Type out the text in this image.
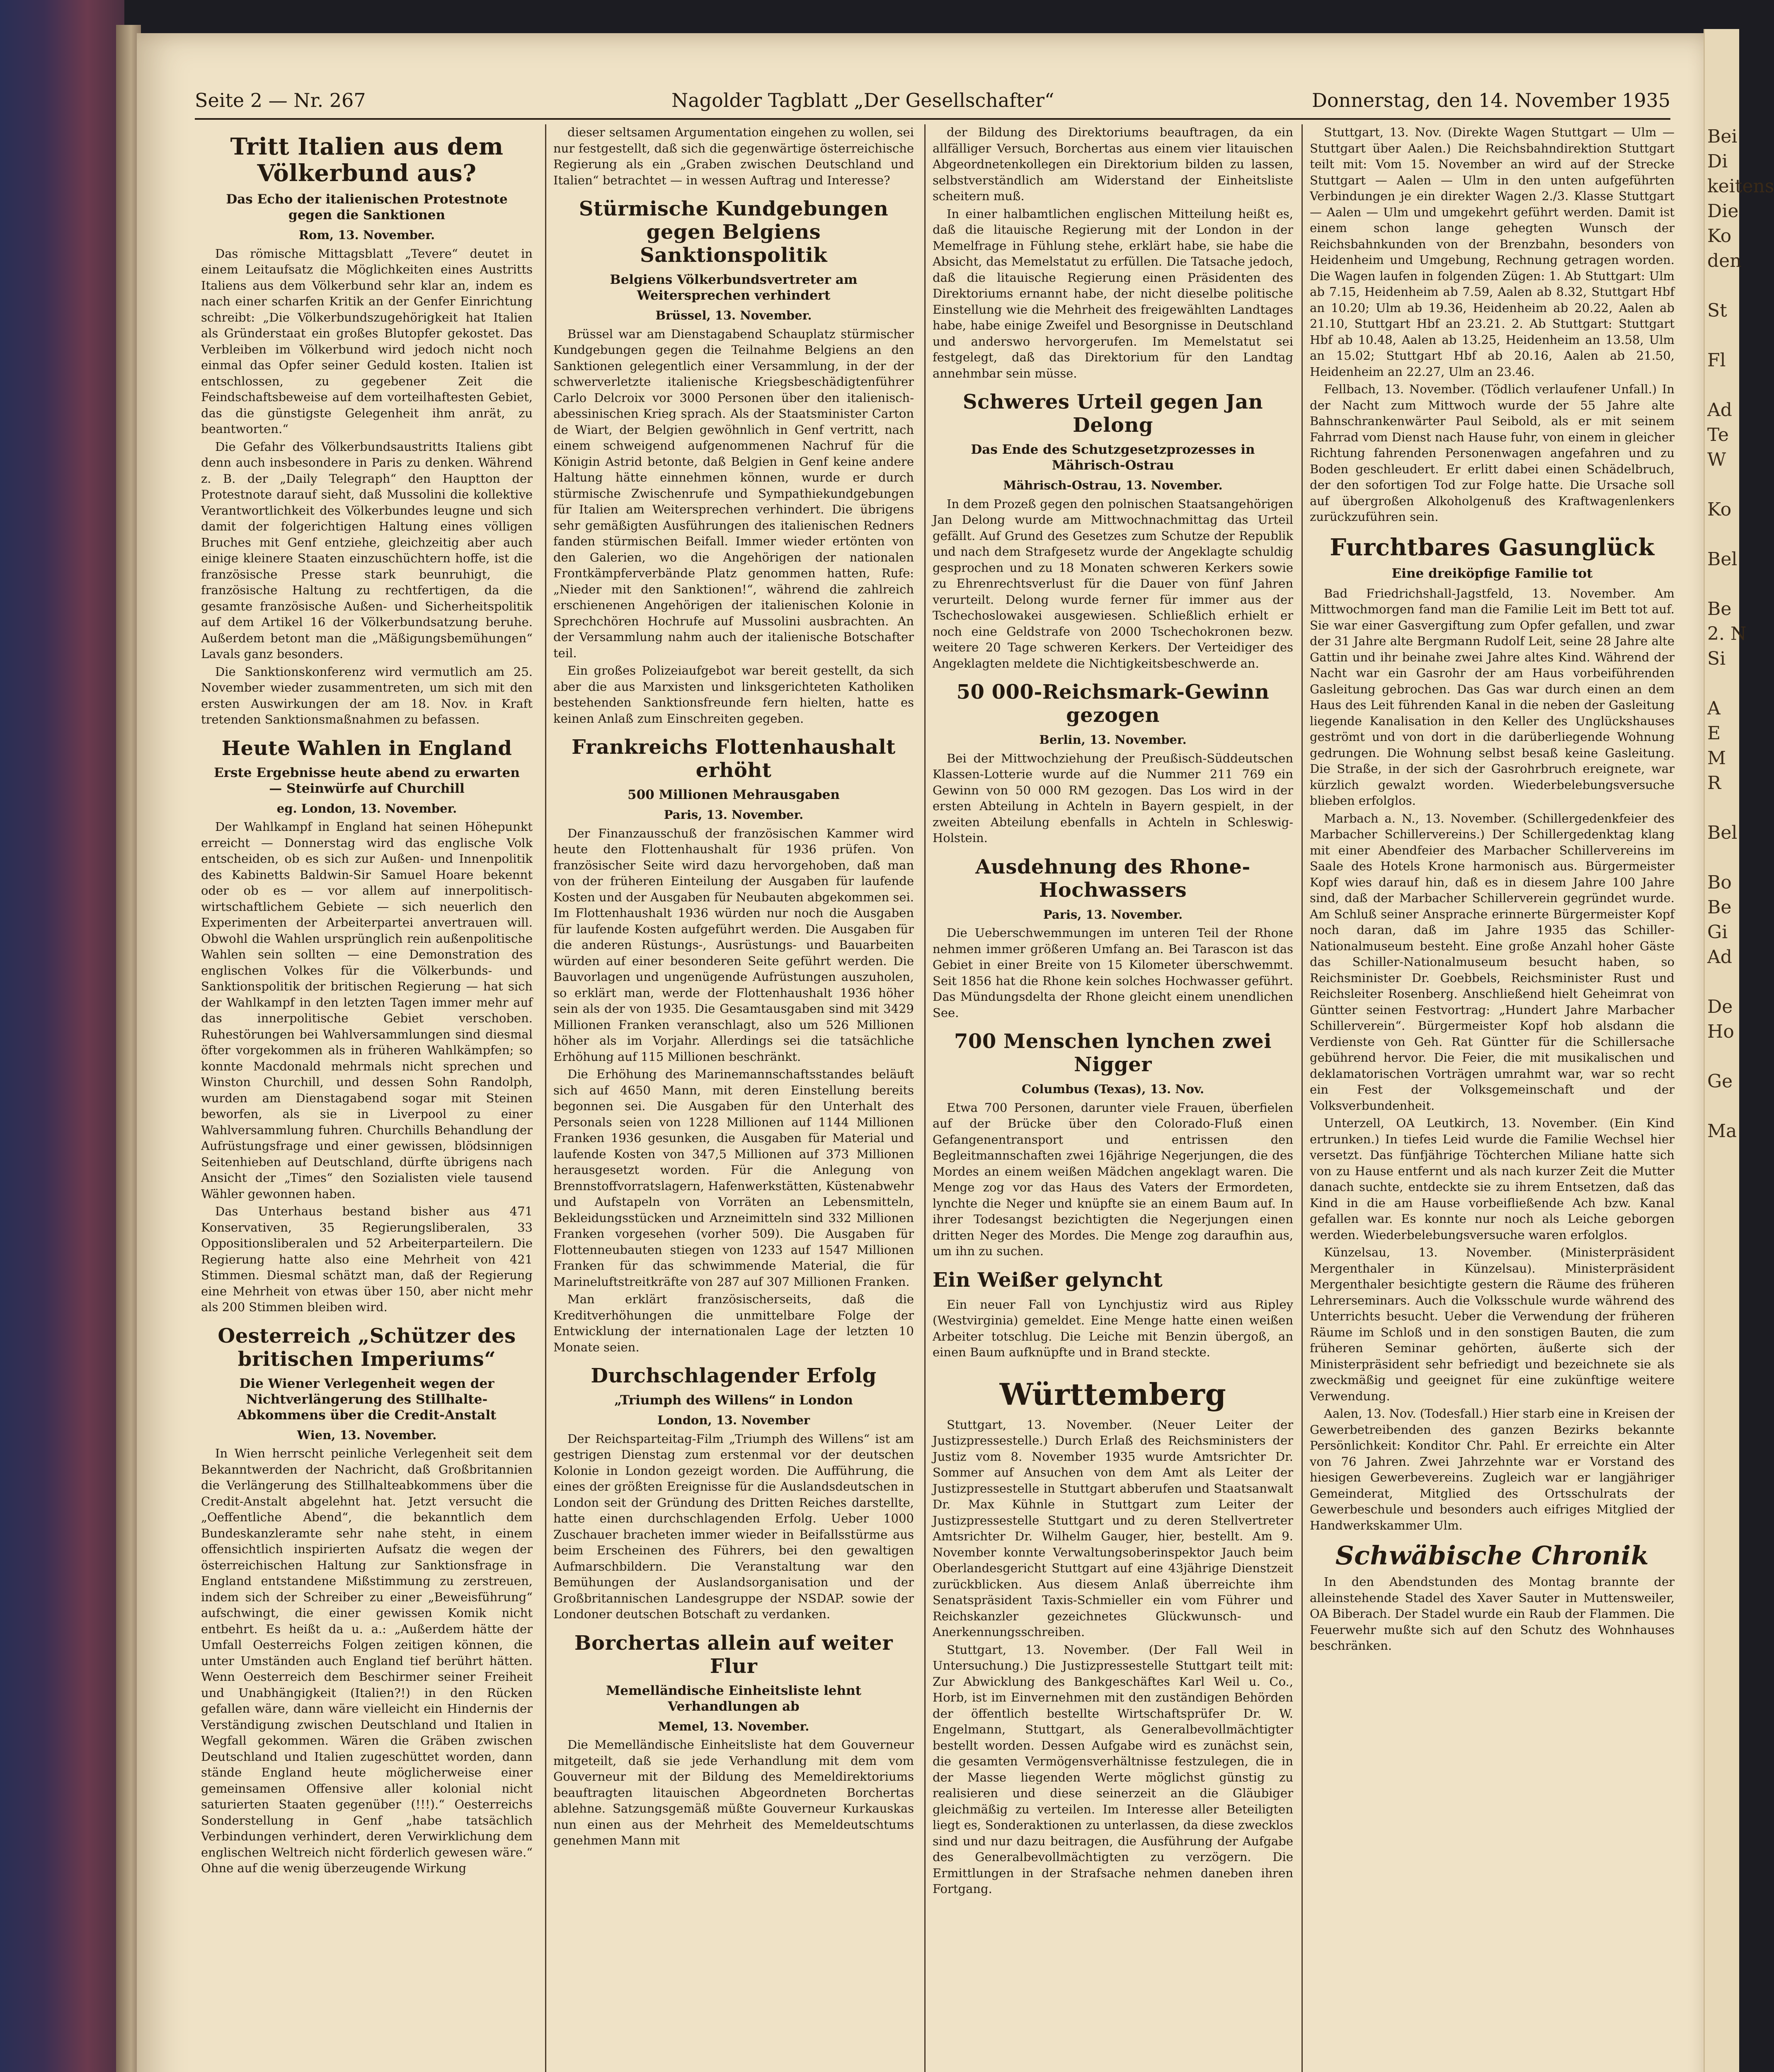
Bei
Di
keitens
Die
Ko
den

St

Fl

Ad
Te
W

Ko

Bel

Be
2. N
Si

A
E
M
R

Bel

Bo
Be
Gi
Ad

De
Ho

Ge

Ma
Seite 2 — Nr. 267	Nagolder Tagblatt „Der Gesellschafter“	Donnerstag, den 14. November 1935
Tritt Italien aus dem Völkerbund aus?
Das Echo der italienischen Protestnote gegen die Sanktionen

Rom, 13. November.

Das römische Mittagsblatt „Tevere“ deutet in einem Leitaufsatz die Möglichkeiten eines Austritts Italiens aus dem Völkerbund sehr klar an, indem es nach einer scharfen Kritik an der Genfer Einrichtung schreibt: „Die Völkerbundszugehörigkeit hat Italien als Gründerstaat ein großes Blutopfer gekostet. Das Verbleiben im Völkerbund wird jedoch nicht noch einmal das Opfer seiner Geduld kosten. Italien ist entschlossen, zu gegebener Zeit die Feindschaftsbeweise auf dem vorteilhaftesten Gebiet, das die günstigste Gelegenheit ihm anrät, zu beantworten.“

Die Gefahr des Völkerbundsaustritts Italiens gibt denn auch insbesondere in Paris zu denken. Während z. B. der „Daily Telegraph“ den Hauptton der Protestnote darauf sieht, daß Mussolini die kollektive Verantwortlichkeit des Völkerbundes leugne und sich damit der folgerichtigen Haltung eines völligen Bruches mit Genf entziehe, gleichzeitig aber auch einige kleinere Staaten einzuschüchtern hoffe, ist die französische Presse stark beunruhigt, die französische Haltung zu rechtfertigen, da die gesamte französische Außen- und Sicherheitspolitik auf dem Artikel 16 der Völkerbundsatzung beruhe. Außerdem betont man die „Mäßigungsbemühungen“ Lavals ganz besonders.

Die Sanktionskonferenz wird vermutlich am 25. November wieder zusammentreten, um sich mit den ersten Auswirkungen der am 18. Nov. in Kraft tretenden Sanktionsmaßnahmen zu befassen.

Heute Wahlen in England
Erste Ergebnisse heute abend zu erwarten — Steinwürfe auf Churchill

eg. London, 13. November.

Der Wahlkampf in England hat seinen Höhepunkt erreicht — Donnerstag wird das englische Volk entscheiden, ob es sich zur Außen- und Innenpolitik des Kabinetts Baldwin-Sir Samuel Hoare bekennt oder ob es — vor allem auf innerpolitisch-wirtschaftlichem Gebiete — sich neuerlich den Experimenten der Arbeiterpartei anvertrauen will. Obwohl die Wahlen ursprünglich rein außenpolitische Wahlen sein sollten — eine Demonstration des englischen Volkes für die Völkerbunds- und Sanktionspolitik der britischen Regierung — hat sich der Wahlkampf in den letzten Tagen immer mehr auf das innerpolitische Gebiet verschoben. Ruhestörungen bei Wahlversammlungen sind diesmal öfter vorgekommen als in früheren Wahlkämpfen; so konnte Macdonald mehrmals nicht sprechen und Winston Churchill, und dessen Sohn Randolph, wurden am Dienstagabend sogar mit Steinen beworfen, als sie in Liverpool zu einer Wahlversammlung fuhren. Churchills Behandlung der Aufrüstungsfrage und einer gewissen, blödsinnigen Seitenhieben auf Deutschland, dürfte übrigens nach Ansicht der „Times“ den Sozialisten viele tausend Wähler gewonnen haben.

Das Unterhaus bestand bisher aus 471 Konservativen, 35 Regierungsliberalen, 33 Oppositionsliberalen und 52 Arbeiterparteilern. Die Regierung hatte also eine Mehrheit von 421 Stimmen. Diesmal schätzt man, daß der Regierung eine Mehrheit von etwas über 150, aber nicht mehr als 200 Stimmen bleiben wird.

Oesterreich „Schützer des britischen Imperiums“
Die Wiener Verlegenheit wegen der Nichtverlängerung des Stillhalte-Abkommens über die Credit-Anstalt

Wien, 13. November.

In Wien herrscht peinliche Verlegenheit seit dem Bekanntwerden der Nachricht, daß Großbritannien die Verlängerung des Stillhalteabkommens über die Credit-Anstalt abgelehnt hat. Jetzt versucht die „Oeffentliche Abend“, die bekanntlich dem Bundeskanzleramte sehr nahe steht, in einem offensichtlich inspirierten Aufsatz die wegen der österreichischen Haltung zur Sanktionsfrage in England entstandene Mißstimmung zu zerstreuen, indem sich der Schreiber zu einer „Beweisführung“ aufschwingt, die einer gewissen Komik nicht entbehrt. Es heißt da u. a.: „Außerdem hätte der Umfall Oesterreichs Folgen zeitigen können, die unter Umständen auch England tief berührt hätten. Wenn Oesterreich dem Beschirmer seiner Freiheit und Unabhängigkeit (Italien?!) in den Rücken gefallen wäre, dann wäre vielleicht ein Hindernis der Verständigung zwischen Deutschland und Italien in Wegfall gekommen. Wären die Gräben zwischen Deutschland und Italien zugeschüttet worden, dann stände England heute möglicherweise einer gemeinsamen Offensive aller kolonial nicht saturierten Staaten gegenüber (!!!).“ Oesterreichs Sonderstellung in Genf „habe tatsächlich Verbindungen verhindert, deren Verwirklichung dem englischen Weltreich nicht förderlich gewesen wäre.“ Ohne auf die wenig überzeugende Wirkung

dieser seltsamen Argumentation eingehen zu wollen, sei nur festgestellt, daß sich die gegenwärtige österreichische Regierung als ein „Graben zwischen Deutschland und Italien“ betrachtet — in wessen Auftrag und Interesse?

Stürmische Kundgebungen gegen Belgiens Sanktionspolitik
Belgiens Völkerbundsvertreter am Weitersprechen verhindert

Brüssel, 13. November.

Brüssel war am Dienstagabend Schauplatz stürmischer Kundgebungen gegen die Teilnahme Belgiens an den Sanktionen gelegentlich einer Versammlung, in der der schwerverletzte italienische Kriegsbeschädigtenführer Carlo Delcroix vor 3000 Personen über den italienisch-abessinischen Krieg sprach. Als der Staatsminister Carton de Wiart, der Belgien gewöhnlich in Genf vertritt, nach einem schweigend aufgenommenen Nachruf für die Königin Astrid betonte, daß Belgien in Genf keine andere Haltung hätte einnehmen können, wurde er durch stürmische Zwischenrufe und Sympathiekundgebungen für Italien am Weitersprechen verhindert. Die übrigens sehr gemäßigten Ausführungen des italienischen Redners fanden stürmischen Beifall. Immer wieder ertönten von den Galerien, wo die Angehörigen der nationalen Frontkämpferverbände Platz genommen hatten, Rufe: „Nieder mit den Sanktionen!“, während die zahlreich erschienenen Angehörigen der italienischen Kolonie in Sprechchören Hochrufe auf Mussolini ausbrachten. An der Versammlung nahm auch der italienische Botschafter teil.

Ein großes Polizeiaufgebot war bereit gestellt, da sich aber die aus Marxisten und linksgerichteten Katholiken bestehenden Sanktionsfreunde fern hielten, hatte es keinen Anlaß zum Einschreiten gegeben.

Frankreichs Flottenhaushalt erhöht
500 Millionen Mehrausgaben

Paris, 13. November.

Der Finanzausschuß der französischen Kammer wird heute den Flottenhaushalt für 1936 prüfen. Von französischer Seite wird dazu hervorgehoben, daß man von der früheren Einteilung der Ausgaben für laufende Kosten und der Ausgaben für Neubauten abgekommen sei. Im Flottenhaushalt 1936 würden nur noch die Ausgaben für laufende Kosten aufgeführt werden. Die Ausgaben für die anderen Rüstungs-, Ausrüstungs- und Bauarbeiten würden auf einer besonderen Seite geführt werden. Die Bauvorlagen und ungenügende Aufrüstungen auszuholen, so erklärt man, werde der Flottenhaushalt 1936 höher sein als der von 1935. Die Gesamtausgaben sind mit 3429 Millionen Franken veranschlagt, also um 526 Millionen höher als im Vorjahr. Allerdings sei die tatsächliche Erhöhung auf 115 Millionen beschränkt.

Die Erhöhung des Marinemannschaftsstandes beläuft sich auf 4650 Mann, mit deren Einstellung bereits begonnen sei. Die Ausgaben für den Unterhalt des Personals seien von 1228 Millionen auf 1144 Millionen Franken 1936 gesunken, die Ausgaben für Material und laufende Kosten von 347,5 Millionen auf 373 Millionen herausgesetzt worden. Für die Anlegung von Brennstoffvorratslagern, Hafenwerkstätten, Küstenabwehr und Aufstapeln von Vorräten an Lebensmitteln, Bekleidungsstücken und Arzneimitteln sind 332 Millionen Franken vorgesehen (vorher 509). Die Ausgaben für Flottenneubauten stiegen von 1233 auf 1547 Millionen Franken für das schwimmende Material, die für Marineluftstreitkräfte von 287 auf 307 Millionen Franken.

Man erklärt französischerseits, daß die Kreditverhöhungen die unmittelbare Folge der Entwicklung der internationalen Lage der letzten 10 Monate seien.

Durchschlagender Erfolg
„Triumph des Willens“ in London

London, 13. November

Der Reichsparteitag-Film „Triumph des Willens“ ist am gestrigen Dienstag zum erstenmal vor der deutschen Kolonie in London gezeigt worden. Die Aufführung, die eines der größten Ereignisse für die Auslandsdeutschen in London seit der Gründung des Dritten Reiches darstellte, hatte einen durchschlagenden Erfolg. Ueber 1000 Zuschauer bracheten immer wieder in Beifallsstürme aus beim Erscheinen des Führers, bei den gewaltigen Aufmarschbildern. Die Veranstaltung war den Bemühungen der Auslandsorganisation und der Großbritannischen Landesgruppe der NSDAP. sowie der Londoner deutschen Botschaft zu verdanken.

Borchertas allein auf weiter Flur
Memelländische Einheitsliste lehnt Verhandlungen ab

Memel, 13. November.

Die Memelländische Einheitsliste hat dem Gouverneur mitgeteilt, daß sie jede Verhandlung mit dem vom Gouverneur mit der Bildung des Memeldirektoriums beauftragten litauischen Abgeordneten Borchertas ablehne. Satzungsgemäß müßte Gouverneur Kurkauskas nun einen aus der Mehrheit des Memeldeutschtums genehmen Mann mit

der Bildung des Direktoriums beauftragen, da ein allfälliger Versuch, Borchertas aus einem vier litauischen Abgeordnetenkollegen ein Direktorium bilden zu lassen, selbstverständlich am Widerstand der Einheitsliste scheitern muß.

In einer halbamtlichen englischen Mitteilung heißt es, daß die litauische Regierung mit der London in der Memelfrage in Fühlung stehe, erklärt habe, sie habe die Absicht, das Memelstatut zu erfüllen. Die Tatsache jedoch, daß die litauische Regierung einen Präsidenten des Direktoriums ernannt habe, der nicht dieselbe politische Einstellung wie die Mehrheit des freigewählten Landtages habe, habe einige Zweifel und Besorgnisse in Deutschland und anderswo hervorgerufen. Im Memelstatut sei festgelegt, daß das Direktorium für den Landtag annehmbar sein müsse.

Schweres Urteil gegen Jan Delong
Das Ende des Schutzgesetzprozesses in Mährisch-Ostrau

Mährisch-Ostrau, 13. November.

In dem Prozeß gegen den polnischen Staatsangehörigen Jan Delong wurde am Mittwochnachmittag das Urteil gefällt. Auf Grund des Gesetzes zum Schutze der Republik und nach dem Strafgesetz wurde der Angeklagte schuldig gesprochen und zu 18 Monaten schweren Kerkers sowie zu Ehrenrechtsverlust für die Dauer von fünf Jahren verurteilt. Delong wurde ferner für immer aus der Tschechoslowakei ausgewiesen. Schließlich erhielt er noch eine Geldstrafe von 2000 Tschechokronen bezw. weitere 20 Tage schweren Kerkers. Der Verteidiger des Angeklagten meldete die Nichtigkeitsbeschwerde an.

50 000-Reichsmark-Gewinn gezogen

Berlin, 13. November.

Bei der Mittwochziehung der Preußisch-Süddeutschen Klassen-Lotterie wurde auf die Nummer 211 769 ein Gewinn von 50 000 RM gezogen. Das Los wird in der ersten Abteilung in Achteln in Bayern gespielt, in der zweiten Abteilung ebenfalls in Achteln in Schleswig-Holstein.

Ausdehnung des Rhone-Hochwassers

Paris, 13. November.

Die Ueberschwemmungen im unteren Teil der Rhone nehmen immer größeren Umfang an. Bei Tarascon ist das Gebiet in einer Breite von 15 Kilometer überschwemmt. Seit 1856 hat die Rhone kein solches Hochwasser geführt. Das Mündungsdelta der Rhone gleicht einem unendlichen See.

700 Menschen lynchen zwei Nigger

Columbus (Texas), 13. Nov.

Etwa 700 Personen, darunter viele Frauen, überfielen auf der Brücke über den Colorado-Fluß einen Gefangenentransport und entrissen den Begleitmannschaften zwei 16jährige Negerjungen, die des Mordes an einem weißen Mädchen angeklagt waren. Die Menge zog vor das Haus des Vaters der Ermordeten, lynchte die Neger und knüpfte sie an einem Baum auf. In ihrer Todesangst bezichtigten die Negerjungen einen dritten Neger des Mordes. Die Menge zog daraufhin aus, um ihn zu suchen.

Ein Weißer gelyncht

Ein neuer Fall von Lynchjustiz wird aus Ripley (Westvirginia) gemeldet. Eine Menge hatte einen weißen Arbeiter totschlug. Die Leiche mit Benzin übergoß, an einen Baum aufknüpfte und in Brand steckte.

Württemberg

Stuttgart, 13. November. (Neuer Leiter der Justizpressestelle.) Durch Erlaß des Reichsministers der Justiz vom 8. November 1935 wurde Amtsrichter Dr. Sommer auf Ansuchen von dem Amt als Leiter der Justizpressestelle in Stuttgart abberufen und Staatsanwalt Dr. Max Kühnle in Stuttgart zum Leiter der Justizpressestelle Stuttgart und zu deren Stellvertreter Amtsrichter Dr. Wilhelm Gauger, hier, bestellt. Am 9. November konnte Verwaltungsoberinspektor Jauch beim Oberlandesgericht Stuttgart auf eine 43jährige Dienstzeit zurückblicken. Aus diesem Anlaß überreichte ihm Senatspräsident Taxis-Schmieller ein vom Führer und Reichskanzler gezeichnetes Glückwunsch- und Anerkennungsschreiben.

Stuttgart, 13. November. (Der Fall Weil in Untersuchung.) Die Justizpressestelle Stuttgart teilt mit: Zur Abwicklung des Bankgeschäftes Karl Weil u. Co., Horb, ist im Einvernehmen mit den zuständigen Behörden der öffentlich bestellte Wirtschaftsprüfer Dr. W. Engelmann, Stuttgart, als Generalbevollmächtigter bestellt worden. Dessen Aufgabe wird es zunächst sein, die gesamten Vermögensverhältnisse festzulegen, die in der Masse liegenden Werte möglichst günstig zu realisieren und diese seinerzeit an die Gläubiger gleichmäßig zu verteilen. Im Interesse aller Beteiligten liegt es, Sonderaktionen zu unterlassen, da diese zwecklos sind und nur dazu beitragen, die Ausführung der Aufgabe des Generalbevollmächtigten zu verzögern. Die Ermittlungen in der Strafsache nehmen daneben ihren Fortgang.

Stuttgart, 13. Nov. (Direkte Wagen Stuttgart — Ulm — Stuttgart über Aalen.) Die Reichsbahndirektion Stuttgart teilt mit: Vom 15. November an wird auf der Strecke Stuttgart — Aalen — Ulm in den unten aufgeführten Verbindungen je ein direkter Wagen 2./3. Klasse Stuttgart — Aalen — Ulm und umgekehrt geführt werden. Damit ist einem schon lange gehegten Wunsch der Reichsbahnkunden von der Brenzbahn, besonders von Heidenheim und Umgebung, Rechnung getragen worden. Die Wagen laufen in folgenden Zügen: 1. Ab Stuttgart: Ulm ab 7.15, Heidenheim ab 7.59, Aalen ab 8.32, Stuttgart Hbf an 10.20; Ulm ab 19.36, Heidenheim ab 20.22, Aalen ab 21.10, Stuttgart Hbf an 23.21. 2. Ab Stuttgart: Stuttgart Hbf ab 10.48, Aalen ab 13.25, Heidenheim an 13.58, Ulm an 15.02; Stuttgart Hbf ab 20.16, Aalen ab 21.50, Heidenheim an 22.27, Ulm an 23.46.

Fellbach, 13. November. (Tödlich verlaufener Unfall.) In der Nacht zum Mittwoch wurde der 55 Jahre alte Bahnschrankenwärter Paul Seibold, als er mit seinem Fahrrad vom Dienst nach Hause fuhr, von einem in gleicher Richtung fahrenden Personenwagen angefahren und zu Boden geschleudert. Er erlitt dabei einen Schädelbruch, der den sofortigen Tod zur Folge hatte. Die Ursache soll auf übergroßen Alkoholgenuß des Kraftwagenlenkers zurückzuführen sein.

Furchtbares Gasunglück
Eine dreiköpfige Familie tot

Bad Friedrichshall-Jagstfeld, 13. November. Am Mittwochmorgen fand man die Familie Leit im Bett tot auf. Sie war einer Gasvergiftung zum Opfer gefallen, und zwar der 31 Jahre alte Bergmann Rudolf Leit, seine 28 Jahre alte Gattin und ihr beinahe zwei Jahre altes Kind. Während der Nacht war ein Gasrohr der am Haus vorbeiführenden Gasleitung gebrochen. Das Gas war durch einen an dem Haus des Leit führenden Kanal in die neben der Gasleitung liegende Kanalisation in den Keller des Unglückshauses geströmt und von dort in die darüberliegende Wohnung gedrungen. Die Wohnung selbst besaß keine Gasleitung. Die Straße, in der sich der Gasrohrbruch ereignete, war kürzlich gewalzt worden. Wiederbelebungsversuche blieben erfolglos.

Marbach a. N., 13. November. (Schillergedenkfeier des Marbacher Schillervereins.) Der Schillergedenktag klang mit einer Abendfeier des Marbacher Schillervereins im Saale des Hotels Krone harmonisch aus. Bürgermeister Kopf wies darauf hin, daß es in diesem Jahre 100 Jahre sind, daß der Marbacher Schillerverein gegründet wurde. Am Schluß seiner Ansprache erinnerte Bürgermeister Kopf noch daran, daß im Jahre 1935 das Schiller-Nationalmuseum besteht. Eine große Anzahl hoher Gäste das Schiller-Nationalmuseum besucht haben, so Reichsminister Dr. Goebbels, Reichsminister Rust und Reichsleiter Rosenberg. Anschließend hielt Geheimrat von Güntter seinen Festvortrag: „Hundert Jahre Marbacher Schillerverein“. Bürgermeister Kopf hob alsdann die Verdienste von Geh. Rat Güntter für die Schillersache gebührend hervor. Die Feier, die mit musikalischen und deklamatorischen Vorträgen umrahmt war, war so recht ein Fest der Volksgemeinschaft und der Volksverbundenheit.

Unterzell, OA Leutkirch, 13. November. (Ein Kind ertrunken.) In tiefes Leid wurde die Familie Wechsel hier versetzt. Das fünfjährige Töchterchen Miliane hatte sich von zu Hause entfernt und als nach kurzer Zeit die Mutter danach suchte, entdeckte sie zu ihrem Entsetzen, daß das Kind in die am Hause vorbeifließende Ach bzw. Kanal gefallen war. Es konnte nur noch als Leiche geborgen werden. Wiederbelebungsversuche waren erfolglos.

Künzelsau, 13. November. (Ministerpräsident Mergenthaler in Künzelsau). Ministerpräsident Mergenthaler besichtigte gestern die Räume des früheren Lehrerseminars. Auch die Volksschule wurde während des Unterrichts besucht. Ueber die Verwendung der früheren Räume im Schloß und in den sonstigen Bauten, die zum früheren Seminar gehörten, äußerte sich der Ministerpräsident sehr befriedigt und bezeichnete sie als zweckmäßig und geeignet für eine zukünftige weitere Verwendung.

Aalen, 13. Nov. (Todesfall.) Hier starb eine in Kreisen der Gewerbetreibenden des ganzen Bezirks bekannte Persönlichkeit: Konditor Chr. Pahl. Er erreichte ein Alter von 76 Jahren. Zwei Jahrzehnte war er Vorstand des hiesigen Gewerbevereins. Zugleich war er langjähriger Gemeinderat, Mitglied des Ortsschulrats der Gewerbeschule und besonders auch eifriges Mitglied der Handwerkskammer Ulm.

Schwäbische Chronik

In den Abendstunden des Montag brannte der alleinstehende Stadel des Xaver Sauter in Muttensweiler, OA Biberach. Der Stadel wurde ein Raub der Flammen. Die Feuerwehr mußte sich auf den Schutz des Wohnhauses beschränken.
